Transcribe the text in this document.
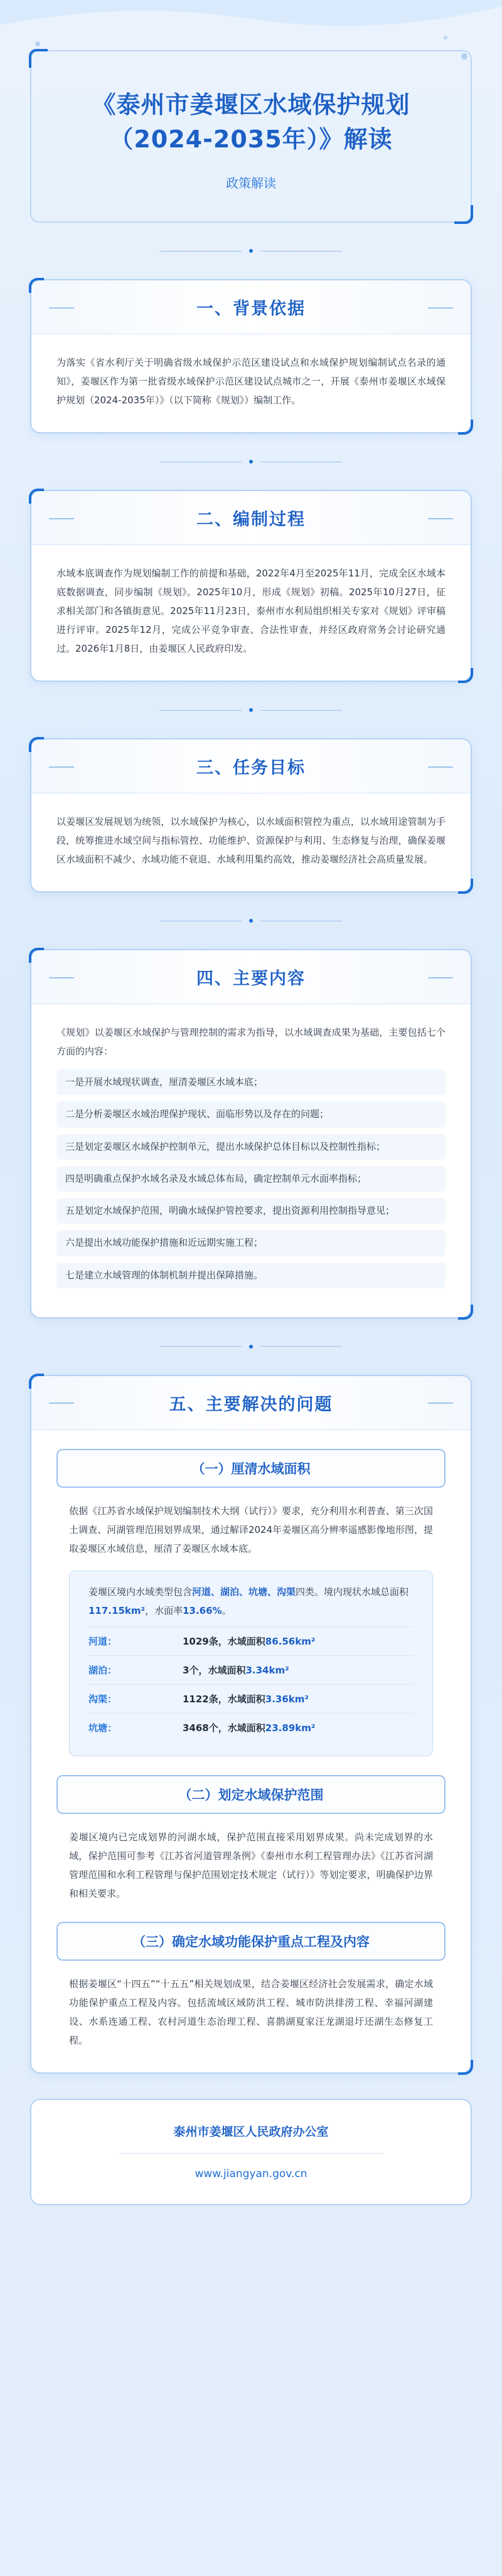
《泰州市姜堰区水域保护规划
（2024-2035年）》解读
政策解读
一、背景依据

为落实《省水利厅关于明确省级水域保护示范区建设试点和水域保护规划编制试点名录的通知》，姜堰区作为第一批省级水域保护示范区建设试点城市之一，开展《泰州市姜堰区水域保护规划（2024-2035年）》（以下简称《规划》）编制工作。

二、编制过程

水域本底调查作为规划编制工作的前提和基础，2022年4月至2025年11月，完成全区水域本底数据调查，同步编制《规划》。2025年10月，形成《规划》初稿。2025年10月27日，征求相关部门和各镇街意见。2025年11月23日，泰州市水利局组织相关专家对《规划》评审稿进行评审。2025年12月，完成公平竞争审查、合法性审查，并经区政府常务会讨论研究通过。2026年1月8日，由姜堰区人民政府印发。

三、任务目标

以姜堰区发展规划为统领，以水域保护为核心，以水域面积管控为重点，以水域用途管制为手段，统筹推进水域空间与指标管控、功能维护、资源保护与利用、生态修复与治理，确保姜堰区水域面积不减少、水域功能不衰退、水域利用集约高效，推动姜堰经济社会高质量发展。

四、主要内容

《规划》以姜堰区水域保护与管理控制的需求为指导，以水域调查成果为基础，主要包括七个方面的内容：

一是开展水域现状调查，厘清姜堰区水域本底；
二是分析姜堰区水域治理保护现状、面临形势以及存在的问题；
三是划定姜堰区水域保护控制单元，提出水域保护总体目标以及控制性指标；
四是明确重点保护水域名录及水域总体布局，确定控制单元水面率指标；
五是划定水域保护范围，明确水域保护管控要求，提出资源利用控制指导意见；
六是提出水域功能保护措施和近远期实施工程；
七是建立水域管理的体制机制并提出保障措施。
五、主要解决的问题
（一）厘清水域面积

依据《江苏省水域保护规划编制技术大纲（试行）》要求，充分利用水利普查、第三次国土调查、河湖管理范围划界成果，通过解译2024年姜堰区高分辨率遥感影像地形图，提取姜堰区水域信息，厘清了姜堰区水域本底。

姜堰区境内水域类型包含河道、湖泊、坑塘、沟渠四类。境内现状水域总面积117.15km²，水面率13.66%。

河道：	1029条，水域面积86.56km²
湖泊：	3个，水域面积3.34km²
沟渠：	1122条，水域面积3.36km²
坑塘：	3468个，水域面积23.89km²
（二）划定水域保护范围

姜堰区境内已完成划界的河湖水域，保护范围直接采用划界成果。尚未完成划界的水域，保护范围可参考《江苏省河道管理条例》《泰州市水利工程管理办法》《江苏省河湖管理范围和水利工程管理与保护范围划定技术规定（试行）》等划定要求，明确保护边界和相关要求。

（三）确定水域功能保护重点工程及内容

根据姜堰区“十四五”“十五五”相关规划成果，结合姜堰区经济社会发展需求，确定水域功能保护重点工程及内容。包括流域区域防洪工程、城市防洪排涝工程、幸福河湖建设、水系连通工程、农村河道生态治理工程、喜鹊湖夏家汪龙湖退圩还湖生态修复工程。

泰州市姜堰区人民政府办公室
www.jiangyan.gov.cn
